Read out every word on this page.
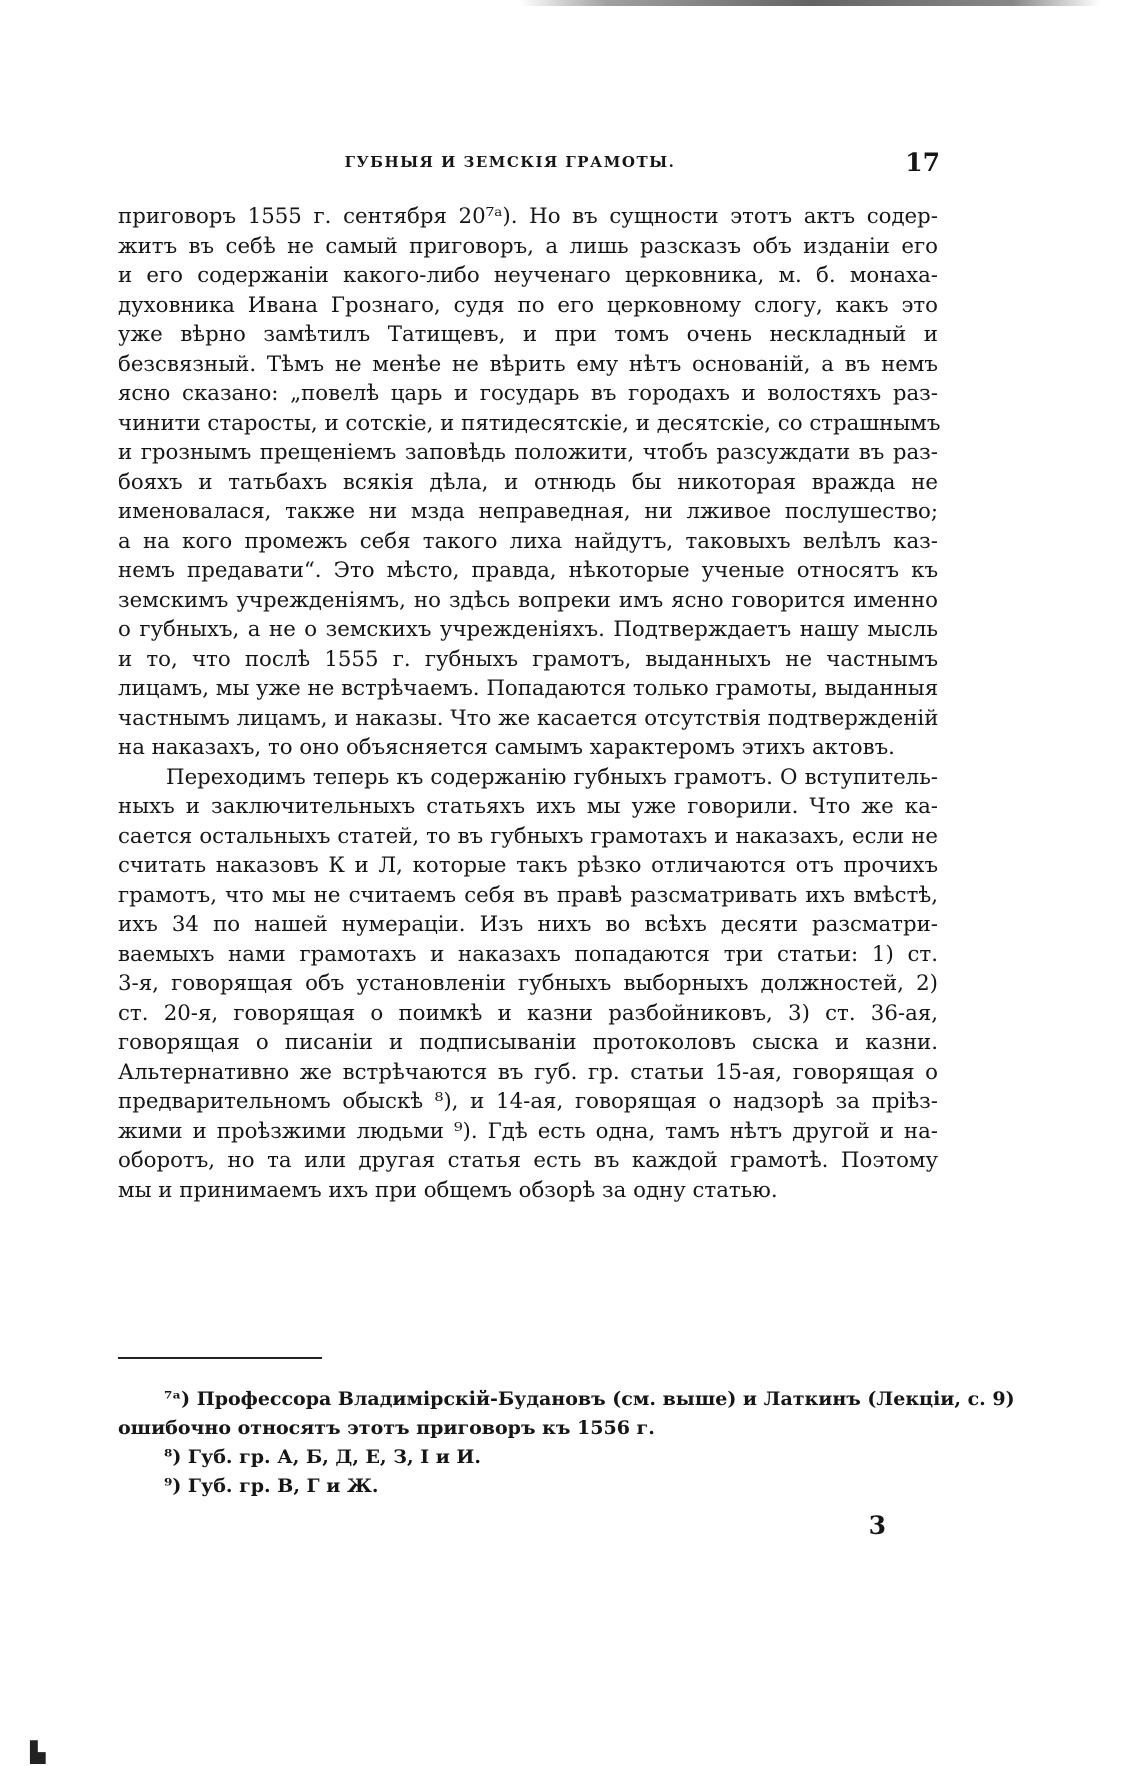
ГУБНЫЯ И ЗЕМСКІЯ ГРАМОТЫ.	17
приговоръ 1555 г. сентября 20⁷ᵃ). Но въ сущности этотъ актъ содер-
житъ въ себѣ не самый приговоръ, а лишь разсказъ объ изданіи его
и его содержаніи какого-либо неученаго церковника, м. б. монаха-
духовника Ивана Грознаго, судя по его церковному слогу, какъ это
уже вѣрно замѣтилъ Татищевъ, и при томъ очень нескладный и
безсвязный. Тѣмъ не менѣе не вѣрить ему нѣтъ основаній, а въ немъ
ясно сказано: „повелѣ царь и государь въ городахъ и волостяхъ раз-
чинити старосты, и сотскіе, и пятидесятскіе, и десятскіе, со страшнымъ
и грознымъ прещеніемъ заповѣдь положити, чтобъ разсуждати въ раз-
бояхъ и татьбахъ всякія дѣла, и отнюдь бы никоторая вражда не
именовалася, также ни мзда неправедная, ни лживое послушество;
а на кого промежъ себя такого лиха найдутъ, таковыхъ велѣлъ каз-
немъ предавати“. Это мѣсто, правда, нѣкоторые ученые относятъ къ
земскимъ учрежденіямъ, но здѣсь вопреки имъ ясно говорится именно
о губныхъ, а не о земскихъ учрежденіяхъ. Подтверждаетъ нашу мысль
и то, что послѣ 1555 г. губныхъ грамотъ, выданныхъ не частнымъ
лицамъ, мы уже не встрѣчаемъ. Попадаются только грамоты, выданныя
частнымъ лицамъ, и наказы. Что же касается отсутствія подтвержденій
на наказахъ, то оно объясняется самымъ характеромъ этихъ актовъ.
Переходимъ теперь къ содержанію губныхъ грамотъ. О вступитель-
ныхъ и заключительныхъ статьяхъ ихъ мы уже говорили. Что же ка-
сается остальныхъ статей, то въ губныхъ грамотахъ и наказахъ, если не
считать наказовъ К и Л, которые такъ рѣзко отличаются отъ прочихъ
грамотъ, что мы не считаемъ себя въ правѣ разсматривать ихъ вмѣстѣ,
ихъ 34 по нашей нумераціи. Изъ нихъ во всѣхъ десяти разсматри-
ваемыхъ нами грамотахъ и наказахъ попадаются три статьи: 1) ст.
3-я, говорящая объ установленіи губныхъ выборныхъ должностей, 2)
ст. 20-я, говорящая о поимкѣ и казни разбойниковъ, 3) ст. 36-ая,
говорящая о писаніи и подписываніи протоколовъ сыска и казни.
Альтернативно же встрѣчаются въ губ. гр. статьи 15-ая, говорящая о
предварительномъ обыскѣ ⁸), и 14-ая, говорящая о надзорѣ за пріѣз-
жими и проѣзжими людьми ⁹). Гдѣ есть одна, тамъ нѣтъ другой и на-
оборотъ, но та или другая статья есть въ каждой грамотѣ. Поэтому
мы и принимаемъ ихъ при общемъ обзорѣ за одну статью.
⁷ᵃ) Профессора Владимірскій-Будановъ (см. выше) и Латкинъ (Лекціи, с. 9)
ошибочно относятъ этотъ приговоръ къ 1556 г.
⁸) Губ. гр. А, Б, Д, Е, З, І и И.
⁹) Губ. гр. В, Г и Ж.
3
▙
